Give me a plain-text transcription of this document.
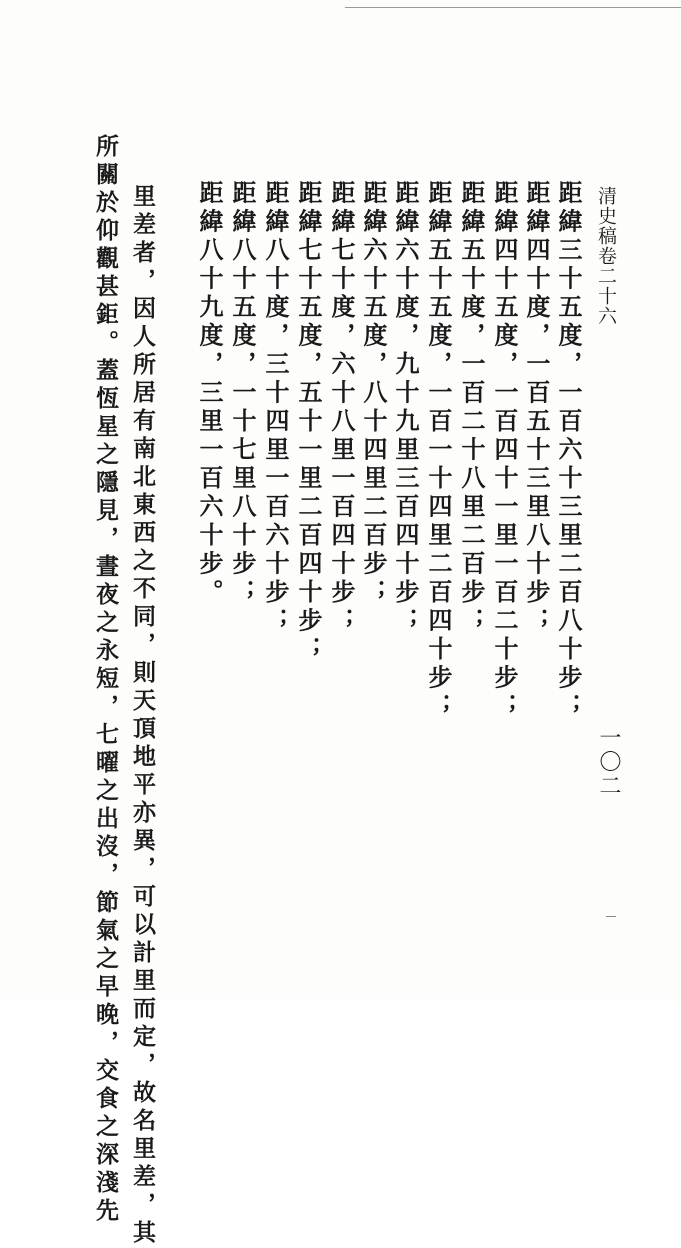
清史稿卷二十六
距緯三十五度，一百六十三里二百八十步；
距緯四十度，一百五十三里八十步；
距緯四十五度，一百四十一里一百二十步；
距緯五十度，一百二十八里二百步；
距緯五十五度，一百一十四里二百四十步；
距緯六十度，九十九里三百四十步；
距緯六十五度，八十四里二百步；
距緯七十度，六十八里一百四十步；
距緯七十五度，五十一里二百四十步；
距緯八十度，三十四里一百六十步；
距緯八十五度，一十七里八十步；
距緯八十九度，三里一百六十步。
里差者，因人所居有南北東西之不同，則天頂地平亦異，可以計里而定，故名里差，其
所關於仰觀甚鉅。蓋恆星之隱見，晝夜之永短，七曜之出沒，節氣之早晚，交食之深淺先	一〇二
